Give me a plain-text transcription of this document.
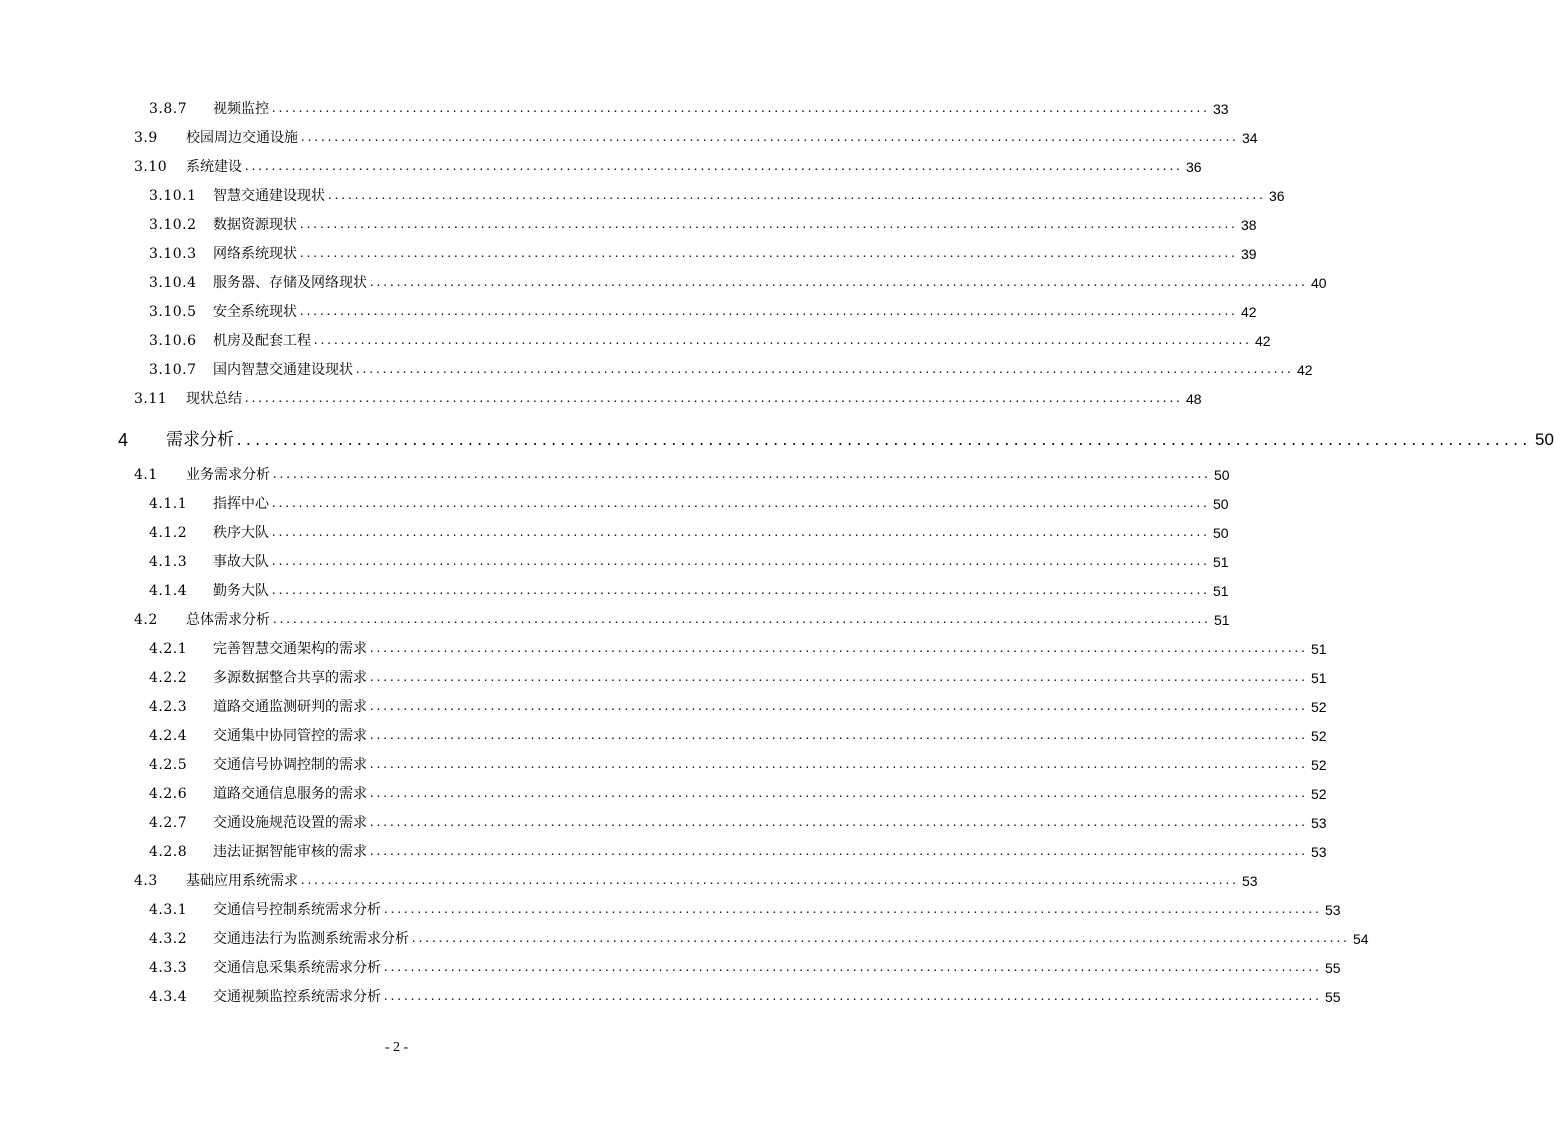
3.8.7	视频监控 ............................................................................................................................................ 33
3.9	校园周边交通设施 ............................................................................................................................................ 34
3.10	系统建设 ............................................................................................................................................ 36
3.10.1	智慧交通建设现状 ............................................................................................................................................ 36
3.10.2	数据资源现状 ............................................................................................................................................ 38
3.10.3	网络系统现状 ............................................................................................................................................ 39
3.10.4	服务器、存储及网络现状 ............................................................................................................................................ 40
3.10.5	安全系统现状 ............................................................................................................................................ 42
3.10.6	机房及配套工程 ............................................................................................................................................ 42
3.10.7	国内智慧交通建设现状 ............................................................................................................................................ 42
3.11	现状总结 ............................................................................................................................................ 48
4	需求分析 ............................................................................................................................................ 50
4.1	业务需求分析 ............................................................................................................................................ 50
4.1.1	指挥中心 ............................................................................................................................................ 50
4.1.2	秩序大队 ............................................................................................................................................ 50
4.1.3	事故大队 ............................................................................................................................................ 51
4.1.4	勤务大队 ............................................................................................................................................ 51
4.2	总体需求分析 ............................................................................................................................................ 51
4.2.1	完善智慧交通架构的需求 ............................................................................................................................................ 51
4.2.2	多源数据整合共享的需求 ............................................................................................................................................ 51
4.2.3	道路交通监测研判的需求 ............................................................................................................................................ 52
4.2.4	交通集中协同管控的需求 ............................................................................................................................................ 52
4.2.5	交通信号协调控制的需求 ............................................................................................................................................ 52
4.2.6	道路交通信息服务的需求 ............................................................................................................................................ 52
4.2.7	交通设施规范设置的需求 ............................................................................................................................................ 53
4.2.8	违法证据智能审核的需求 ............................................................................................................................................ 53
4.3	基础应用系统需求 ............................................................................................................................................ 53
4.3.1	交通信号控制系统需求分析 ............................................................................................................................................ 53
4.3.2	交通违法行为监测系统需求分析 ............................................................................................................................................ 54
4.3.3	交通信息采集系统需求分析 ............................................................................................................................................ 55
4.3.4	交通视频监控系统需求分析 ............................................................................................................................................ 55
- 2 -
